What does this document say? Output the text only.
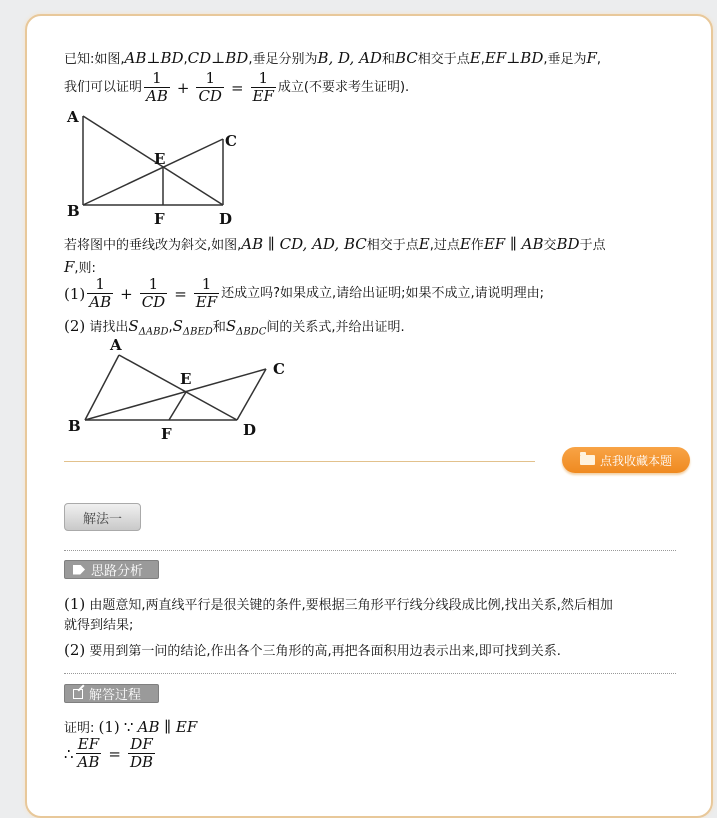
已知:如图,AB⊥BD,CD⊥BD,垂足分别为B, D, AD和BC相交于点E,EF⊥BD,垂足为F,
我们可以证明 $\frac{1}{AB} + \frac{1}{CD} = \frac{1}{EF}$ 成立(不要求考生证明).
A
B
C
D
E
F
若将图中的垂线改为斜交,如图,AB ∥ CD, AD, BC相交于点E,过点E作EF ∥ AB交BD于点
F,则:
$(1) \frac{1}{AB} + \frac{1}{CD} = \frac{1}{EF}$ 还成立吗?如果成立,请给出证明;如果不成立,请说明理由;
(2) 请找出$S_{\Delta ABD},S_{\Delta BED}$和$S_{\Delta BDC}$间的关系式,并给出证明.
A
B
C
D
E
F
点我收藏本题
解法一
思路分析
(1) 由题意知,两直线平行是很关键的条件,要根据三角形平行线分线段成比例,找出关系,然后相加
就得到结果;
(2) 要用到第一问的结论,作出各个三角形的高,再把各面积用边表示出来,即可找到关系.
解答过程
证明: (1) ∵ AB ∥ EF
∴ $\frac{EF}{AB} = \frac{DF}{DB}$
